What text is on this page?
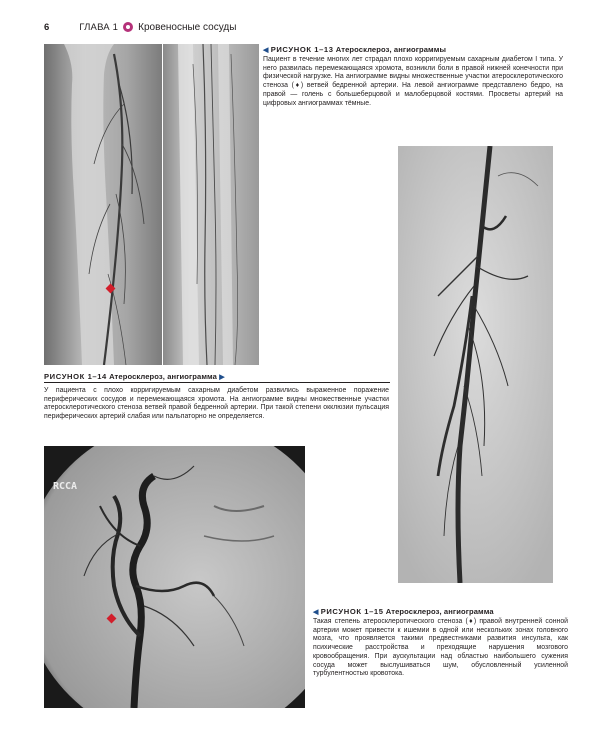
6	ГЛАВА 1 Кровеносные сосуды
◀ РИСУНОК 1–13 Атеросклероз, ангиограммы
Пациент в течение многих лет страдал плохо корригируемым сахарным диабетом I типа. У него развилась перемежающаяся хромота, возникли боли в правой нижней конечности при физической нагрузке. На ангиограмме видны множественные участки атеросклеротического стеноза (♦) ветвей бедренной артерии. На левой ангиограмме представлено бедро, на правой — голень с большеберцовой и малоберцовой костями. Просветы артерий на цифровых ангиограммах тёмные.
РИСУНОК 1–14 Атеросклероз, ангиограмма ▶
У пациента с плохо корригируемым сахарным диабетом развились выраженное поражение периферических сосудов и перемежающаяся хромота. На ангиограмме видны множественные участки атеросклеротического стеноза ветвей правой бедренной артерии. При такой степени окклюзии пульсация периферических артерий слабая или пальпаторно не определяется.
RCCA
◀ РИСУНОК 1–15 Атеросклероз, ангиограмма
Такая степень атеросклеротического стеноза (♦) правой внутренней сонной артерии может привести к ишемии в одной или нескольких зонах головного мозга, что проявляется такими предвестниками развития инсульта, как психические расстройства и преходящие нарушения мозгового кровообращения. При аускультации над областью наибольшего сужения сосуда может выслушиваться шум, обусловленный усиленной турбулентностью кровотока.
